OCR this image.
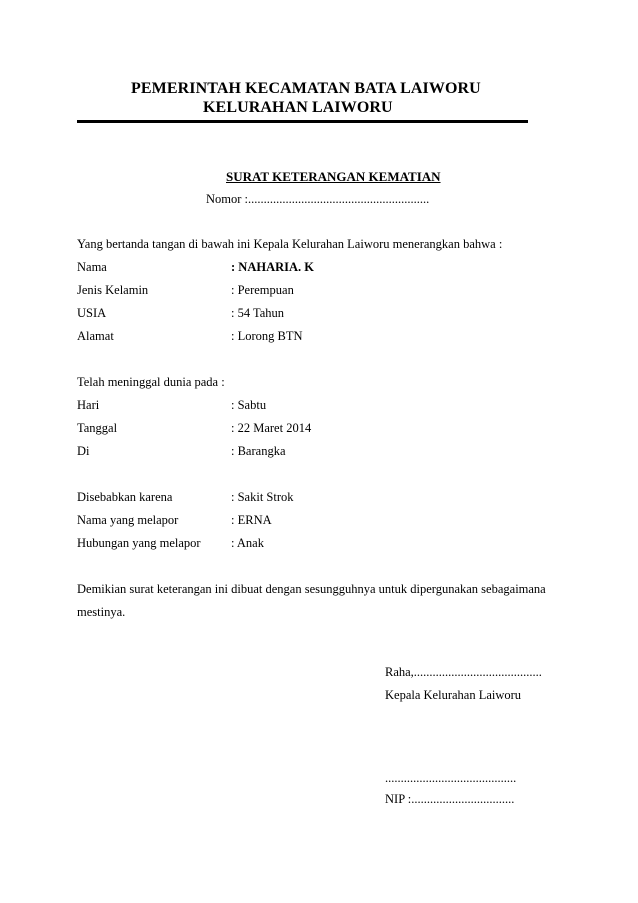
PEMERINTAH KECAMATAN BATA LAIWORU
KELURAHAN LAIWORU
SURAT KETERANGAN KEMATIAN
Nomor :..........................................................
Yang bertanda tangan di bawah ini Kepala Kelurahan Laiworu menerangkan bahwa :
Nama	: NAHARIA. K
Jenis Kelamin	: Perempuan
USIA	: 54 Tahun
Alamat	: Lorong BTN
Telah meninggal dunia pada :
Hari	: Sabtu
Tanggal	: 22 Maret 2014
Di	: Barangka
Disebabkan karena	: Sakit Strok
Nama yang melapor	: ERNA
Hubungan yang melapor : Anak
Demikian surat keterangan ini dibuat dengan sesungguhnya untuk dipergunakan sebagaimana
mestinya.
Raha,.........................................
Kepala Kelurahan Laiworu
..........................................
NIP :.................................
